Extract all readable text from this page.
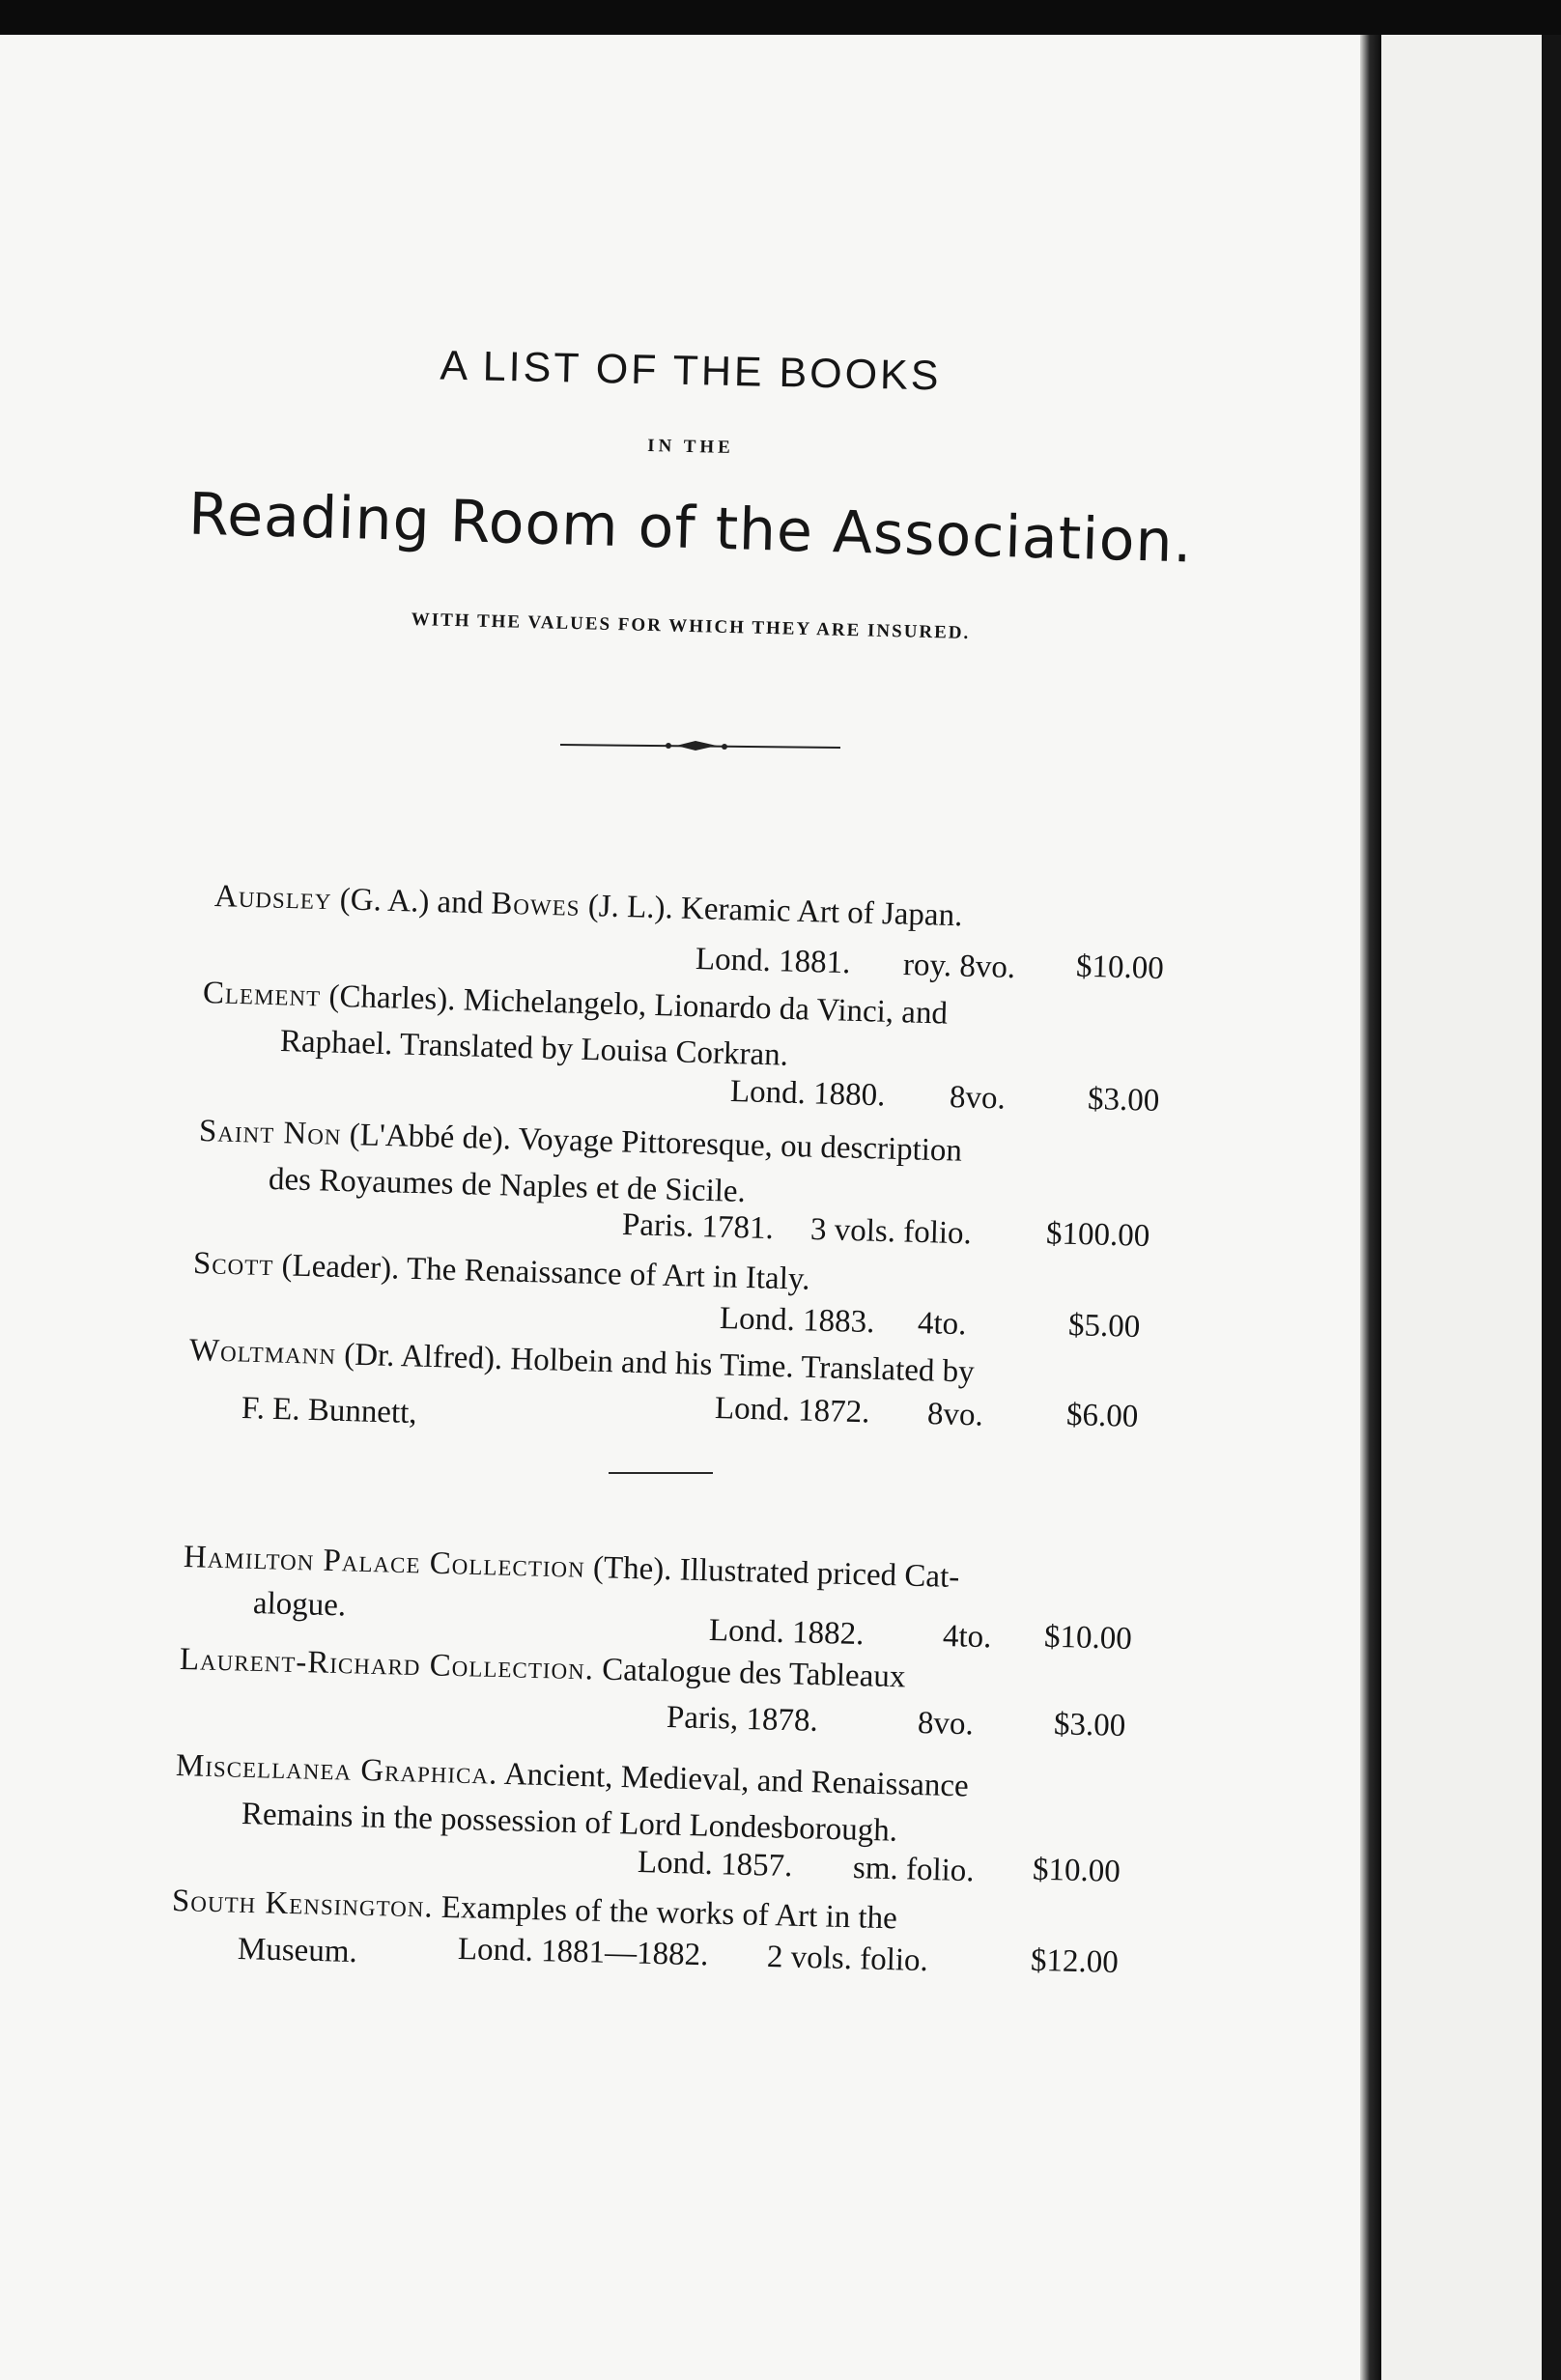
A LIST OF THE BOOKS
IN THE
Reading Room of the Association.
WITH THE VALUES FOR WHICH THEY ARE INSURED.
Audsley (G. A.) and Bowes (J. L.). Keramic Art of Japan.
Lond. 1881. roy. 8vo. $10.00
Clement (Charles). Michelangelo, Lionardo da Vinci, and
Raphael. Translated by Louisa Corkran.
Lond. 1880. 8vo.	$3.00
Saint Non (L'Abbé de). Voyage Pittoresque, ou description
des Royaumes de Naples et de Sicile.
Paris. 1781. 3 vols. folio. $100.00
Scott (Leader). The Renaissance of Art in Italy.
Lond. 1883. 4to.	$5.00
Woltmann (Dr. Alfred). Holbein and his Time. Translated by
F. E. Bunnett,	Lond. 1872. 8vo.	$6.00
Hamilton Palace Collection (The). Illustrated priced Cat-
alogue.
Lond. 1882. 4to. $10.00
Laurent-Richard Collection. Catalogue des Tableaux
Paris, 1878.	8vo. $3.00
Miscellanea Graphica. Ancient, Medieval, and Renaissance
Remains in the possession of Lord Londesborough.
Lond. 1857. sm. folio. $10.00
South Kensington. Examples of the works of Art in the
Museum.	Lond. 1881—1882. 2 vols. folio.	$12.00
